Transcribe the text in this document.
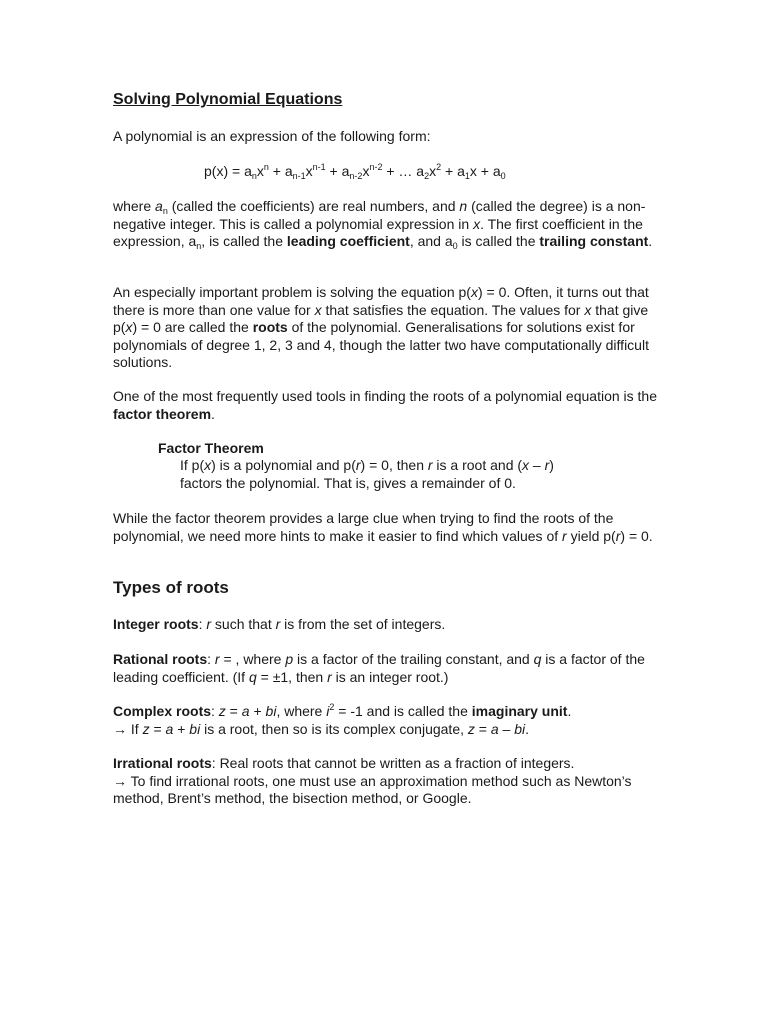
Solving Polynomial Equations
A polynomial is an expression of the following form:
$p(x) = a_nx^n + a_{n-1}x^{n-1} + a_{n-2}x^{n-2}$ + … $a_2x^2 + a_1x + a_0$
where $a_n$ (called the coefficients) are real numbers, and n (called the degree) is a non-negative integer. This is called a polynomial expression in x. The first coefficient in the expression, $a_n$, is called the leading coefficient, and $a_0$ is called the trailing constant.
An especially important problem is solving the equation p(x) = 0. Often, it turns out that there is more than one value for x that satisfies the equation. The values for x that give p(x) = 0 are called the roots of the polynomial. Generalisations for solutions exist for polynomials of degree 1, 2, 3 and 4, though the latter two have computationally difficult solutions.
One of the most frequently used tools in finding the roots of a polynomial equation is the factor theorem.
Factor Theorem
If p(x) is a polynomial and p(r) = 0, then r is a root and (x – r) factors the polynomial. That is, gives a remainder of 0.
While the factor theorem provides a large clue when trying to find the roots of the polynomial, we need more hints to make it easier to find which values of r yield p(r) = 0.
Types of roots
Integer roots: r such that r is from the set of integers.
Rational roots: r = , where p is a factor of the trailing constant, and q is a factor of the leading coefficient. (If q = ±1, then r is an integer root.)
Complex roots: z = a + bi, where $i^2 = -1$ and is called the imaginary unit.
→ If z = a + bi is a root, then so is its complex conjugate, z = a – bi.
Irrational roots: Real roots that cannot be written as a fraction of integers.
→ To find irrational roots, one must use an approximation method such as Newton’s method, Brent’s method, the bisection method, or Google.
